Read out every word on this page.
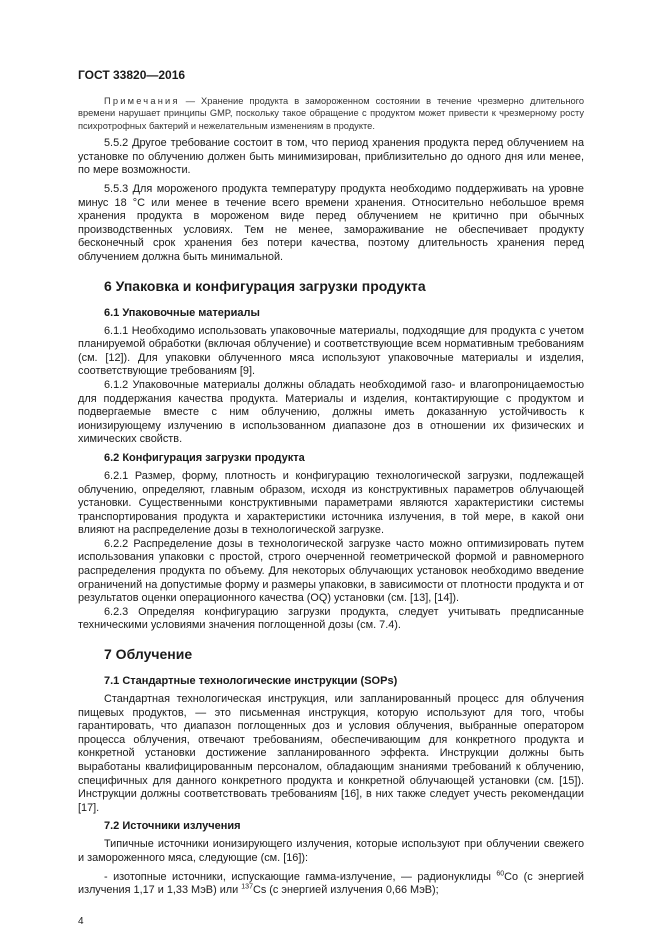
ГОСТ 33820—2016
Примечания — Хранение продукта в замороженном состоянии в течение чрезмерно длительного времени нарушает принципы GMP, поскольку такое обращение с продуктом может привести к чрезмерному росту психротрофных бактерий и нежелательным изменениям в продукте.

5.5.2 Другое требование состоит в том, что период хранения продукта перед облучением на установке по облучению должен быть минимизирован, приблизительно до одного дня или менее, по мере возможности.

5.5.3 Для мороженого продукта температуру продукта необходимо поддерживать на уровне минус 18 °С или менее в течение всего времени хранения. Относительно небольшое время хранения продукта в мороженом виде перед облучением не критично при обычных производственных условиях. Тем не менее, замораживание не обеспечивает продукту бесконечный срок хранения без потери качества, поэтому длительность хранения перед облучением должна быть минимальной.

6 Упаковка и конфигурация загрузки продукта
6.1 Упаковочные материалы

6.1.1 Необходимо использовать упаковочные материалы, подходящие для продукта с учетом планируемой обработки (включая облучение) и соответствующие всем нормативным требованиям (см. [12]). Для упаковки облученного мяса используют упаковочные материалы и изделия, соответствующие требованиям [9].

6.1.2 Упаковочные материалы должны обладать необходимой газо- и влагопроницаемостью для поддержания качества продукта. Материалы и изделия, контактирующие с продуктом и подвергаемые вместе с ним облучению, должны иметь доказанную устойчивость к ионизирующему излучению в использованном диапазоне доз в отношении их физических и химических свойств.

6.2 Конфигурация загрузки продукта

6.2.1 Размер, форму, плотность и конфигурацию технологической загрузки, подлежащей облучению, определяют, главным образом, исходя из конструктивных параметров облучающей установки. Существенными конструктивными параметрами являются характеристики системы транспортирования продукта и характеристики источника излучения, в той мере, в какой они влияют на распределение дозы в технологической загрузке.

6.2.2 Распределение дозы в технологической загрузке часто можно оптимизировать путем использования упаковки с простой, строго очерченной геометрической формой и равномерного распределения продукта по объему. Для некоторых облучающих установок необходимо введение ограничений на допустимые форму и размеры упаковки, в зависимости от плотности продукта и от результатов оценки операционного качества (OQ) установки (см. [13], [14]).

6.2.3 Определяя конфигурацию загрузки продукта, следует учитывать предписанные техническими условиями значения поглощенной дозы (см. 7.4).

7 Облучение
7.1 Стандартные технологические инструкции (SOPs)

Стандартная технологическая инструкция, или запланированный процесс для облучения пищевых продуктов, — это письменная инструкция, которую используют для того, чтобы гарантировать, что диапазон поглощенных доз и условия облучения, выбранные оператором процесса облучения, отвечают требованиям, обеспечивающим для конкретного продукта и конкретной установки достижение запланированного эффекта. Инструкции должны быть выработаны квалифицированным персоналом, обладающим знаниями требований к облучению, специфичных для данного конкретного продукта и конкретной облучающей установки (см. [15]). Инструкции должны соответствовать требованиям [16], в них также следует учесть рекомендации [17].

7.2 Источники излучения

Типичные источники ионизирующего излучения, которые используют при облучении свежего и замороженного мяса, следующие (см. [16]):

- изотопные источники, испускающие гамма-излучение, — радионуклиды $^{60}$Co (с энергией излучения 1,17 и 1,33 МэВ) или $^{137}$Cs (с энергией излучения 0,66 МэВ);

4
